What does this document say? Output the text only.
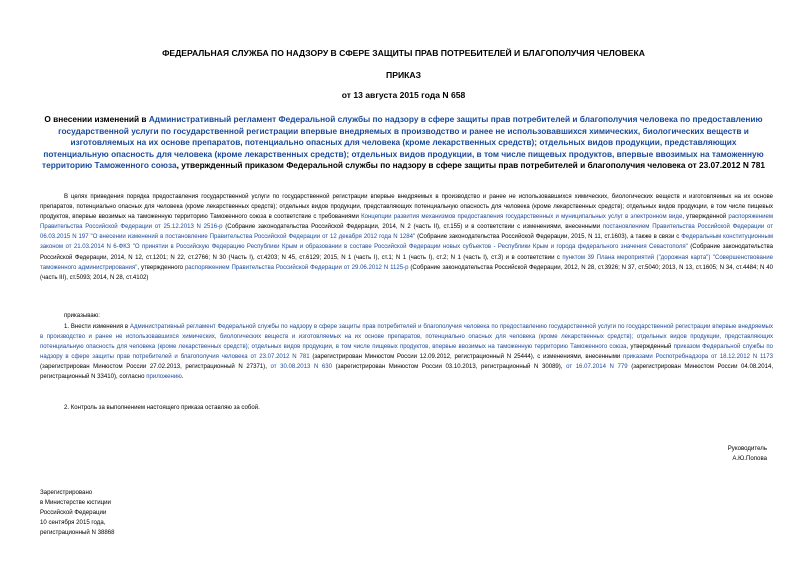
ФЕДЕРАЛЬНАЯ СЛУЖБА ПО НАДЗОРУ В СФЕРЕ ЗАЩИТЫ ПРАВ ПОТРЕБИТЕЛЕЙ И БЛАГОПОЛУЧИЯ ЧЕЛОВЕКА
ПРИКАЗ
от 13 августа 2015 года N 658
О внесении изменений в Административный регламент Федеральной службы по надзору в сфере защиты прав потребителей и благополучия человека по предоставлению государственной услуги по государственной регистрации впервые внедряемых в производство и ранее не использовавшихся химических, биологических веществ и изготовляемых на их основе препаратов, потенциально опасных для человека (кроме лекарственных средств); отдельных видов продукции, представляющих потенциальную опасность для человека (кроме лекарственных средств); отдельных видов продукции, в том числе пищевых продуктов, впервые ввозимых на таможенную территорию Таможенного союза, утвержденный приказом Федеральной службы по надзору в сфере защиты прав потребителей и благополучия человека от 23.07.2012 N 781
В целях приведения порядка предоставления государственной услуги по государственной регистрации впервые внедряемых в производство и ранее не использовавшихся химических, биологических веществ и изготовляемых на их основе препаратов, потенциально опасных для человека (кроме лекарственных средств); отдельных видов продукции, представляющих потенциальную опасность для человека (кроме лекарственных средств); отдельных видов продукции, в том числе пищевых продуктов, впервые ввозимых на таможенную территорию Таможенного союза в соответствие с требованиями Концепции развития механизмов предоставления государственных и муниципальных услуг в электронном виде, утвержденной распоряжением Правительства Российской Федерации от 25.12.2013 N 2516-р (Собрание законодательства Российской Федерации, 2014, N 2 (часть II), ст.155) и в соответствии с изменениями, внесенными постановлением Правительства Российской Федерации от 06.03.2015 N 197 "О внесении изменений в постановление Правительства Российской Федерации от 12 декабря 2012 года N 1284" (Собрание законодательства Российской Федерации, 2015, N 11, ст.1603), а также в связи с Федеральным конституционным законом от 21.03.2014 N 6-ФКЗ "О принятии в Российскую Федерацию Республики Крым и образовании в составе Российской Федерации новых субъектов - Республики Крым и города федерального значения Севастополя" (Собрание законодательства Российской Федерации, 2014, N 12, ст.1201; N 22, ст.2766; N 30 (Часть I), ст.4203; N 45, ст.6129; 2015, N 1 (часть I), ст.1; N 1 (часть I), ст.2; N 1 (часть I), ст.3) и в соответствии с пунктом 39 Плана мероприятий ("дорожная карта") "Совершенствование таможенного администрирования", утвержденного распоряжением Правительства Российской Федерации от 29.06.2012 N 1125-р (Собрание законодательства Российской Федерации, 2012, N 28, ст.3926; N 37, ст.5040; 2013, N 13, ст.1605; N 34, ст.4484; N 40 (часть III), ст.5093; 2014, N 28, ст.4102)
приказываю:
1. Внести изменения в Административный регламент Федеральной службы по надзору в сфере защиты прав потребителей и благополучия человека по предоставлению государственной услуги по государственной регистрации впервые внедряемых в производство и ранее не использовавшихся химических, биологических веществ и изготовляемых на их основе препаратов, потенциально опасных для человека (кроме лекарственных средств); отдельных видов продукции, представляющих потенциальную опасность для человека (кроме лекарственных средств); отдельных видов продукции, в том числе пищевых продуктов, впервые ввозимых на таможенную территорию Таможенного союза, утвержденный приказом Федеральной службы по надзору в сфере защиты прав потребителей и благополучия человека от 23.07.2012 N 781 (зарегистрирован Минюстом России 12.09.2012, регистрационный N 25444), с изменениями, внесенными приказами Роспотребнадзора от 18.12.2012 N 1173 (зарегистрирован Минюстом России 27.02.2013, регистрационный N 27371), от 30.08.2013 N 630 (зарегистрирован Минюстом России 03.10.2013, регистрационный N 30089), от 16.07.2014 N 779 (зарегистрирован Минюстом России 04.08.2014, регистрационный N 33410), согласно приложению.
2. Контроль за выполнением настоящего приказа оставляю за собой.
Руководитель
А.Ю.Попова
Зарегистрировано
в Министерстве юстиции
Российской Федерации
10 сентября 2015 года,
регистрационный N 38868
